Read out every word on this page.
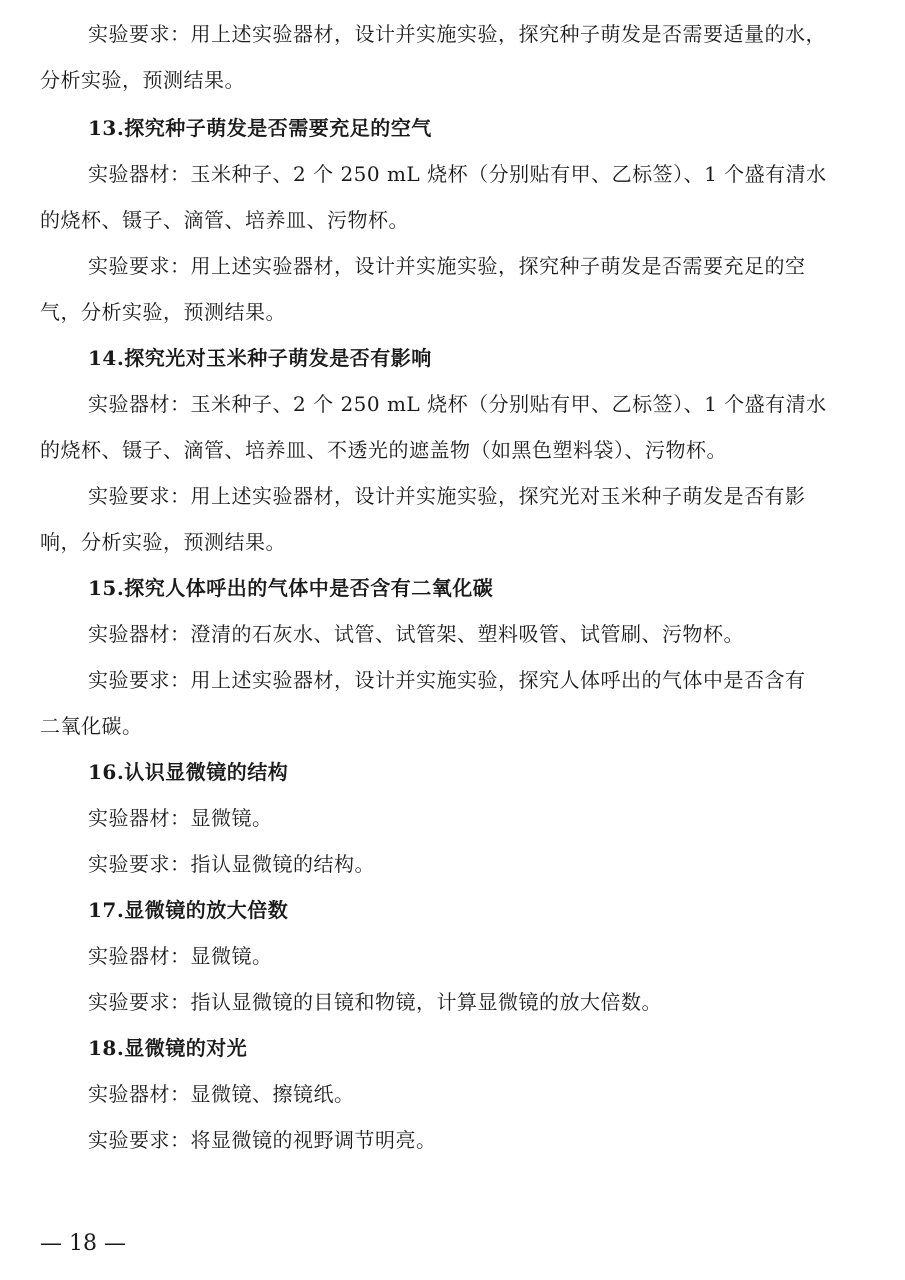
实验要求：用上述实验器材，设计并实施实验，探究种子萌发是否需要适量的水，
分析实验，预测结果。
13.探究种子萌发是否需要充足的空气
实验器材：玉米种子、2 个 250 mL 烧杯（分别贴有甲、乙标签）、1 个盛有清水
的烧杯、镊子、滴管、培养皿、污物杯。
实验要求：用上述实验器材，设计并实施实验，探究种子萌发是否需要充足的空
气，分析实验，预测结果。
14.探究光对玉米种子萌发是否有影响
实验器材：玉米种子、2 个 250 mL 烧杯（分别贴有甲、乙标签）、1 个盛有清水
的烧杯、镊子、滴管、培养皿、不透光的遮盖物（如黑色塑料袋）、污物杯。
实验要求：用上述实验器材，设计并实施实验，探究光对玉米种子萌发是否有影
响，分析实验，预测结果。
15.探究人体呼出的气体中是否含有二氧化碳
实验器材：澄清的石灰水、试管、试管架、塑料吸管、试管刷、污物杯。
实验要求：用上述实验器材，设计并实施实验，探究人体呼出的气体中是否含有
二氧化碳。
16.认识显微镜的结构
实验器材：显微镜。
实验要求：指认显微镜的结构。
17.显微镜的放大倍数
实验器材：显微镜。
实验要求：指认显微镜的目镜和物镜，计算显微镜的放大倍数。
18.显微镜的对光
实验器材：显微镜、擦镜纸。
实验要求：将显微镜的视野调节明亮。
— 18 —
